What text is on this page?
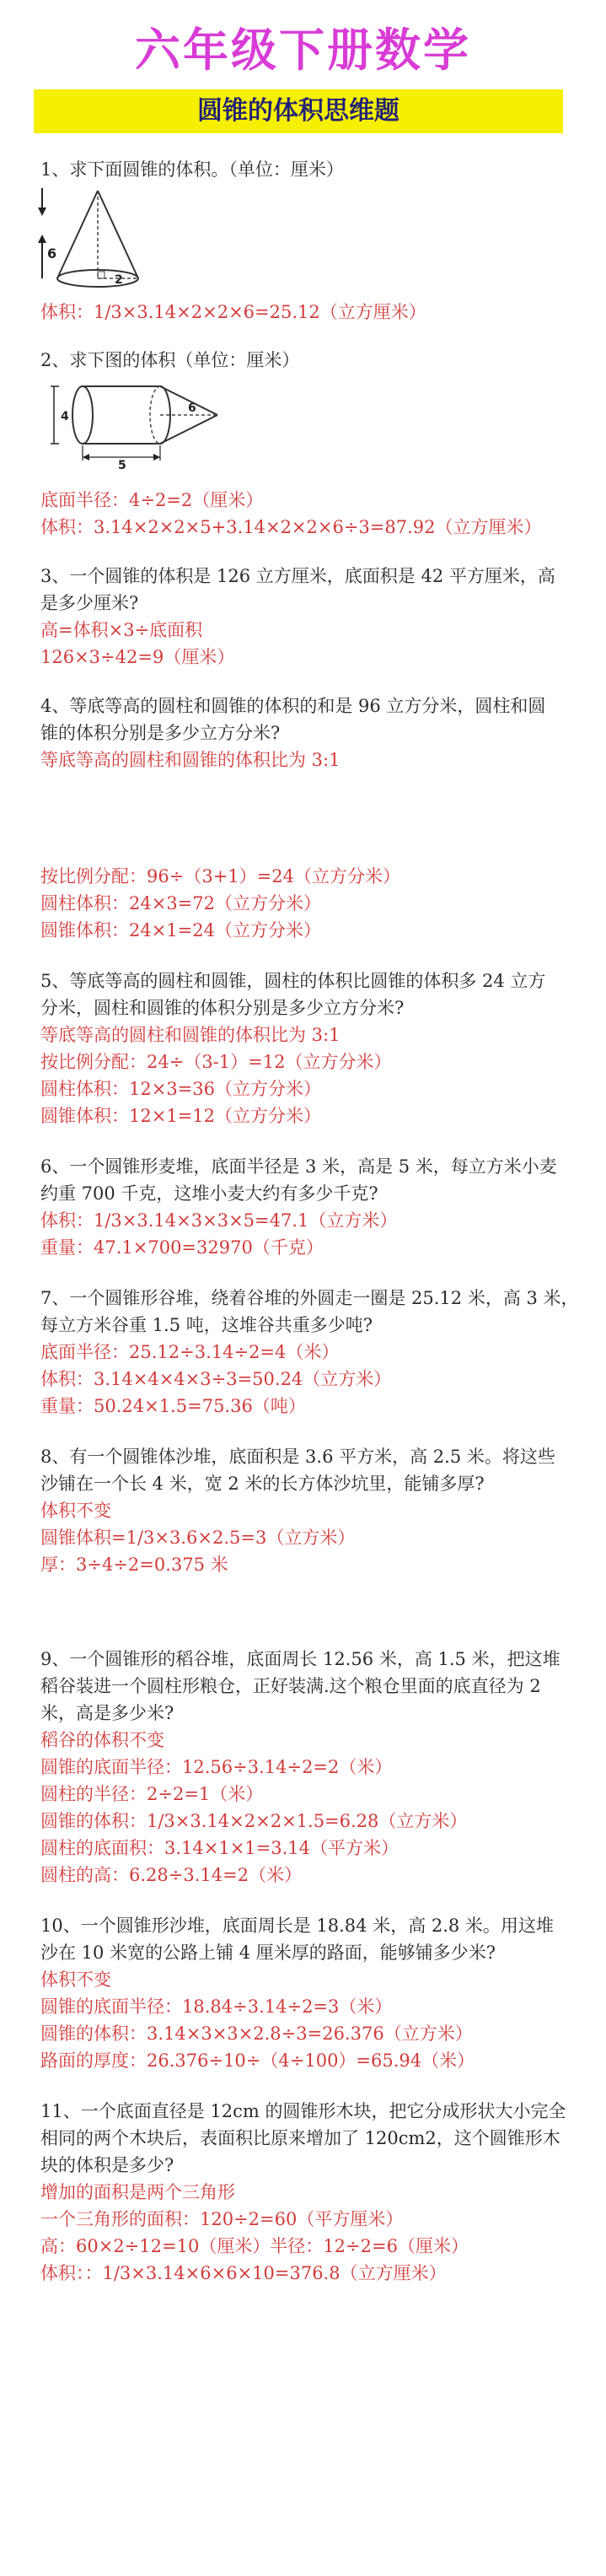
六年级下册数学
圆锥的体积思维题
6
2
4
6
5
1、求下面圆锥的体积。（单位：厘米）
体积：1/3×3.14×2×2×6=25.12（立方厘米）
2、求下图的体积（单位：厘米）
底面半径：4÷2=2（厘米）
体积：3.14×2×2×5+3.14×2×2×6÷3=87.92（立方厘米）
3、一个圆锥的体积是 126 立方厘米，底面积是 42 平方厘米，高
是多少厘米?
高=体积×3÷底面积
126×3÷42=9（厘米）
4、等底等高的圆柱和圆锥的体积的和是 96 立方分米，圆柱和圆
锥的体积分别是多少立方分米?
等底等高的圆柱和圆锥的体积比为 3:1
按比例分配：96÷（3+1）=24（立方分米）
圆柱体积：24×3=72（立方分米）
圆锥体积：24×1=24（立方分米）
5、等底等高的圆柱和圆锥，圆柱的体积比圆锥的体积多 24 立方
分米，圆柱和圆锥的体积分别是多少立方分米?
等底等高的圆柱和圆锥的体积比为 3:1
按比例分配：24÷（3-1）=12（立方分米）
圆柱体积：12×3=36（立方分米）
圆锥体积：12×1=12（立方分米）
6、一个圆锥形麦堆，底面半径是 3 米，高是 5 米，每立方米小麦
约重 700 千克，这堆小麦大约有多少千克?
体积：1/3×3.14×3×3×5=47.1（立方米）
重量：47.1×700=32970（千克）
7、一个圆锥形谷堆，绕着谷堆的外圆走一圈是 25.12 米，高 3 米，
每立方米谷重 1.5 吨，这堆谷共重多少吨?
底面半径：25.12÷3.14÷2=4（米）
体积：3.14×4×4×3÷3=50.24（立方米）
重量：50.24×1.5=75.36（吨）
8、有一个圆锥体沙堆，底面积是 3.6 平方米，高 2.5 米。将这些
沙铺在一个长 4 米，宽 2 米的长方体沙坑里，能铺多厚?
体积不变
圆锥体积=1/3×3.6×2.5=3（立方米）
厚：3÷4÷2=0.375 米
9、一个圆锥形的稻谷堆，底面周长 12.56 米，高 1.5 米，把这堆
稻谷装进一个圆柱形粮仓，正好装满.这个粮仓里面的底直径为 2
米，高是多少米?
稻谷的体积不变
圆锥的底面半径：12.56÷3.14÷2=2（米）
圆柱的半径：2÷2=1（米）
圆锥的体积：1/3×3.14×2×2×1.5=6.28（立方米）
圆柱的底面积：3.14×1×1=3.14（平方米）
圆柱的高：6.28÷3.14=2（米）
10、一个圆锥形沙堆，底面周长是 18.84 米，高 2.8 米。用这堆
沙在 10 米宽的公路上铺 4 厘米厚的路面，能够铺多少米?
体积不变
圆锥的底面半径：18.84÷3.14÷2=3（米）
圆锥的体积：3.14×3×3×2.8÷3=26.376（立方米）
路面的厚度：26.376÷10÷（4÷100）=65.94（米）
11、一个底面直径是 12cm 的圆锥形木块，把它分成形状大小完全
相同的两个木块后，表面积比原来增加了 120cm2，这个圆锥形木
块的体积是多少?
增加的面积是两个三角形
一个三角形的面积：120÷2=60（平方厘米）
高：60×2÷12=10（厘米）半径：12÷2=6（厘米）
体积：：1/3×3.14×6×6×10=376.8（立方厘米）
